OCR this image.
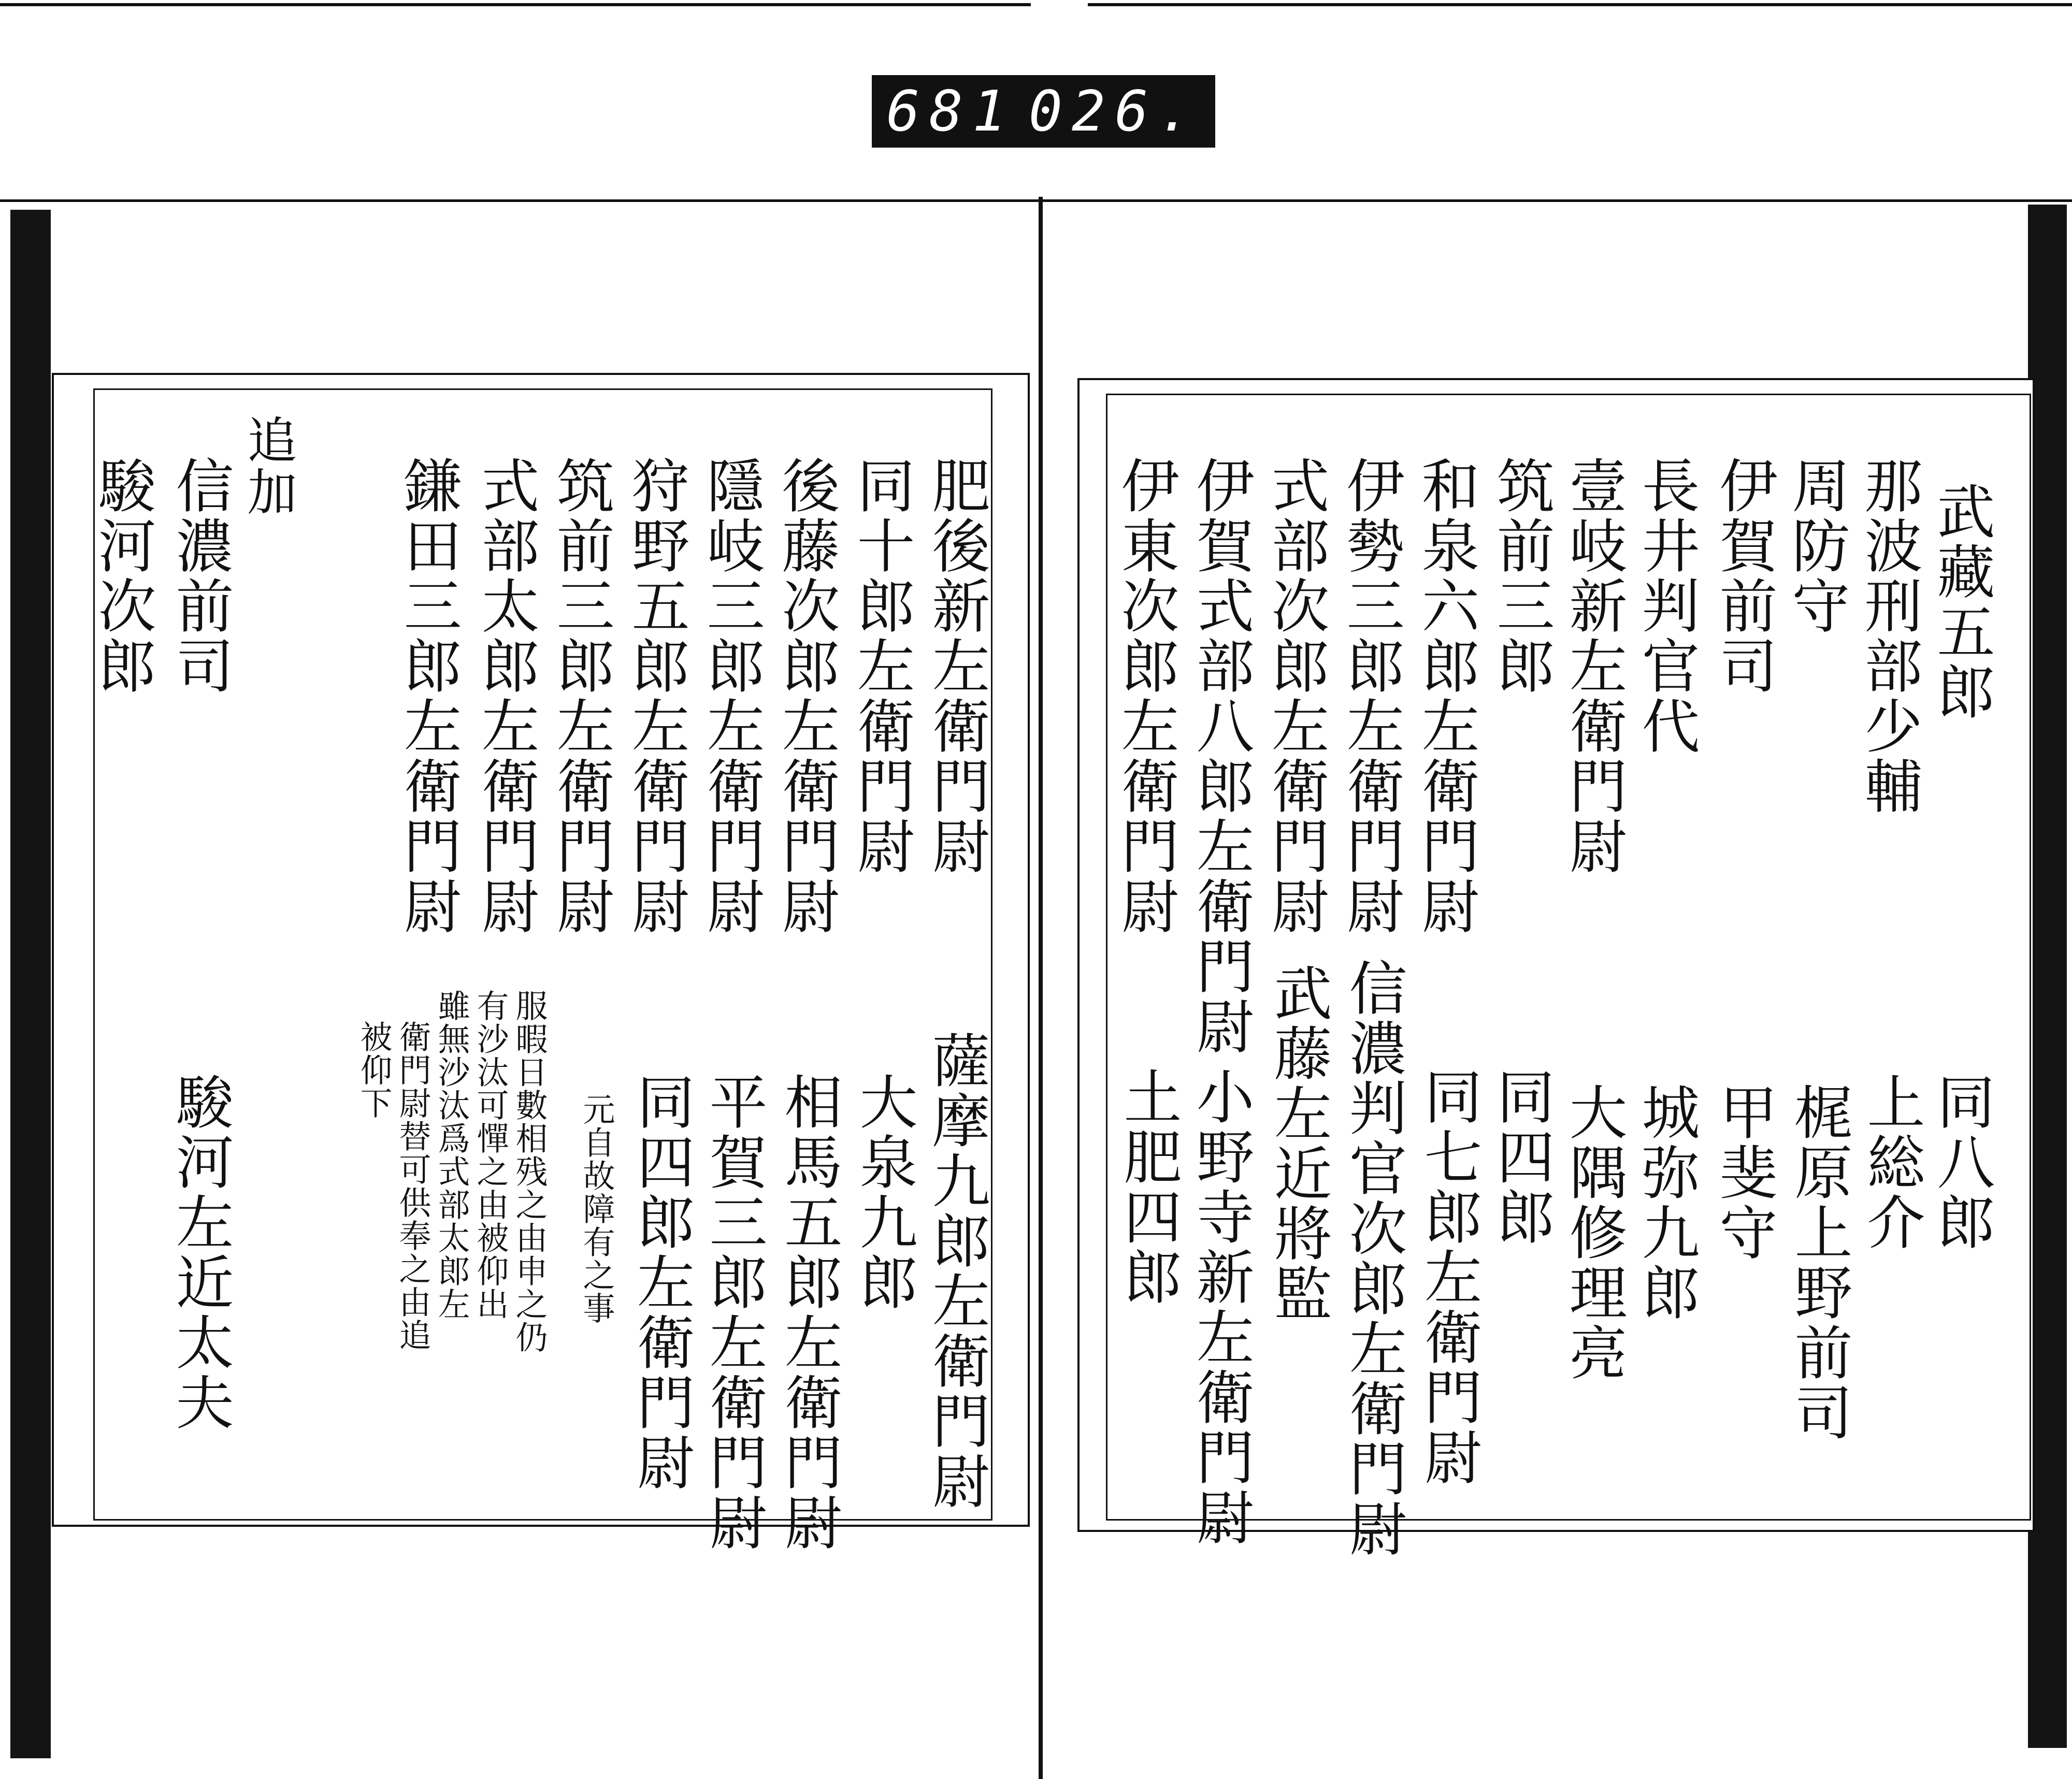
681 026.
武藏五郎
那波刑部少輔
周防守
伊賀前司
長井判官代
壹岐新左衛門尉
筑前三郎
和泉六郎左衛門尉
伊勢三郎左衛門尉
式部次郎左衛門尉
伊賀式部八郎左衛門尉
伊東次郎左衛門尉
同八郎
上総介
梶原上野前司
甲斐守
城弥九郎
大隅修理亮
同四郎
同七郎左衛門尉
信濃判官次郎左衛門尉
武藤左近將監
小野寺新左衛門尉
土肥四郎
肥後新左衛門尉
同十郎左衛門尉
後藤次郎左衛門尉
隱岐三郎左衛門尉
狩野五郎左衛門尉
筑前三郎左衛門尉
式部太郎左衛門尉
鎌田三郎左衛門尉
追加
信濃前司
駿河次郎
薩摩九郎左衛門尉
大泉九郎
相馬五郎左衛門尉
平賀三郎左衛門尉
同四郎左衛門尉
元自故障有之事
服暇日數相残之由申之仍
有沙汰可憚之由被仰出
雖無沙汰爲式部太郎左
衛門尉替可供奉之由追
被仰下
駿河左近太夫
